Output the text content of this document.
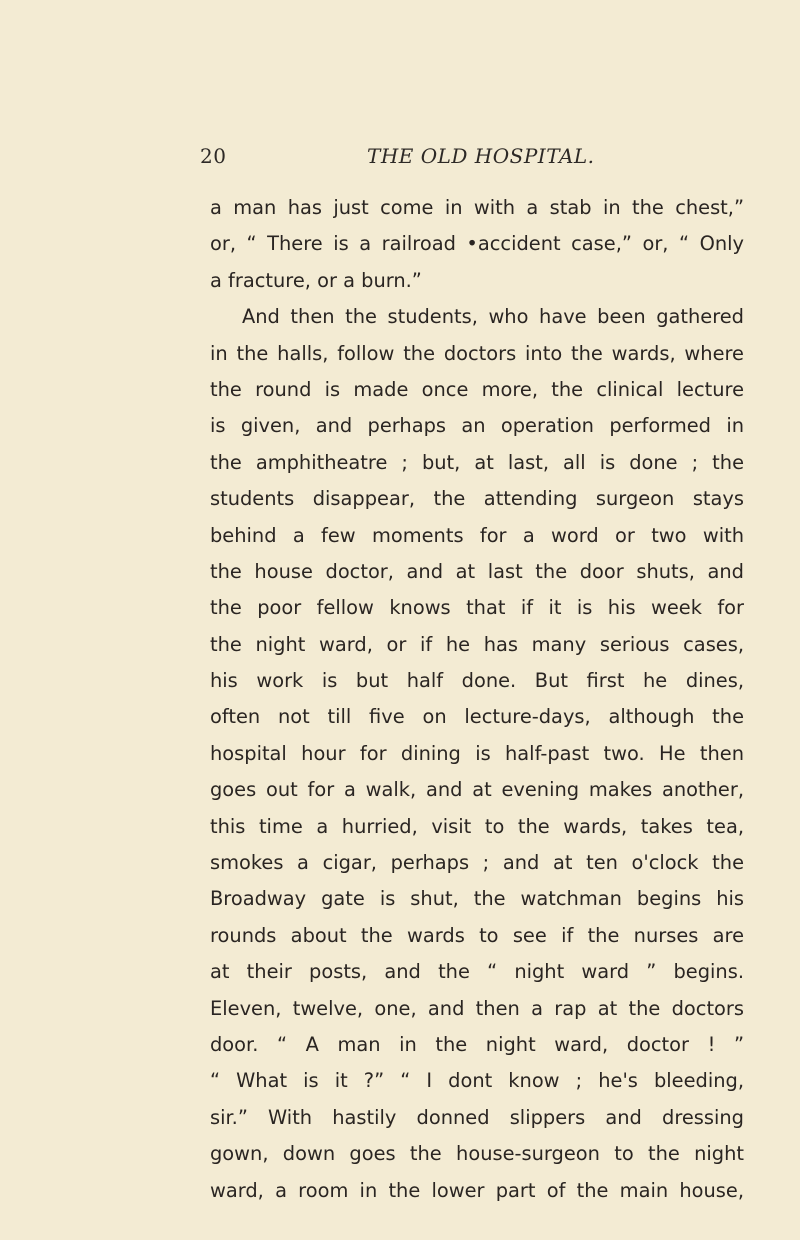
20	THE OLD HOSPITAL.
a man has just come in with a stab in the chest,”
or, “ There is a railroad •accident case,” or, “ Only
a fracture, or a burn.”
And then the students, who have been gathered
in the halls, follow the doctors into the wards, where
the round is made once more, the clinical lecture
is given, and perhaps an operation performed in
the amphitheatre ; but, at last, all is done ; the
students disappear, the attending surgeon stays
behind a few moments for a word or two with
the house doctor, and at last the door shuts, and
the poor fellow knows that if it is his week for
the night ward, or if he has many serious cases,
his work is but half done. But first he dines,
often not till five on lecture-days, although the
hospital hour for dining is half-past two. He then
goes out for a walk, and at evening makes another,
this time a hurried, visit to the wards, takes tea,
smokes a cigar, perhaps ; and at ten o'clock the
Broadway gate is shut, the watchman begins his
rounds about the wards to see if the nurses are
at their posts, and the “ night ward ” begins.
Eleven, twelve, one, and then a rap at the doctors
door. “ A man in the night ward, doctor ! ”
“ What is it ?” “ I dont know ; he's bleeding,
sir.” With hastily donned slippers and dressing
gown, down goes the house-surgeon to the night
ward, a room in the lower part of the main house,
